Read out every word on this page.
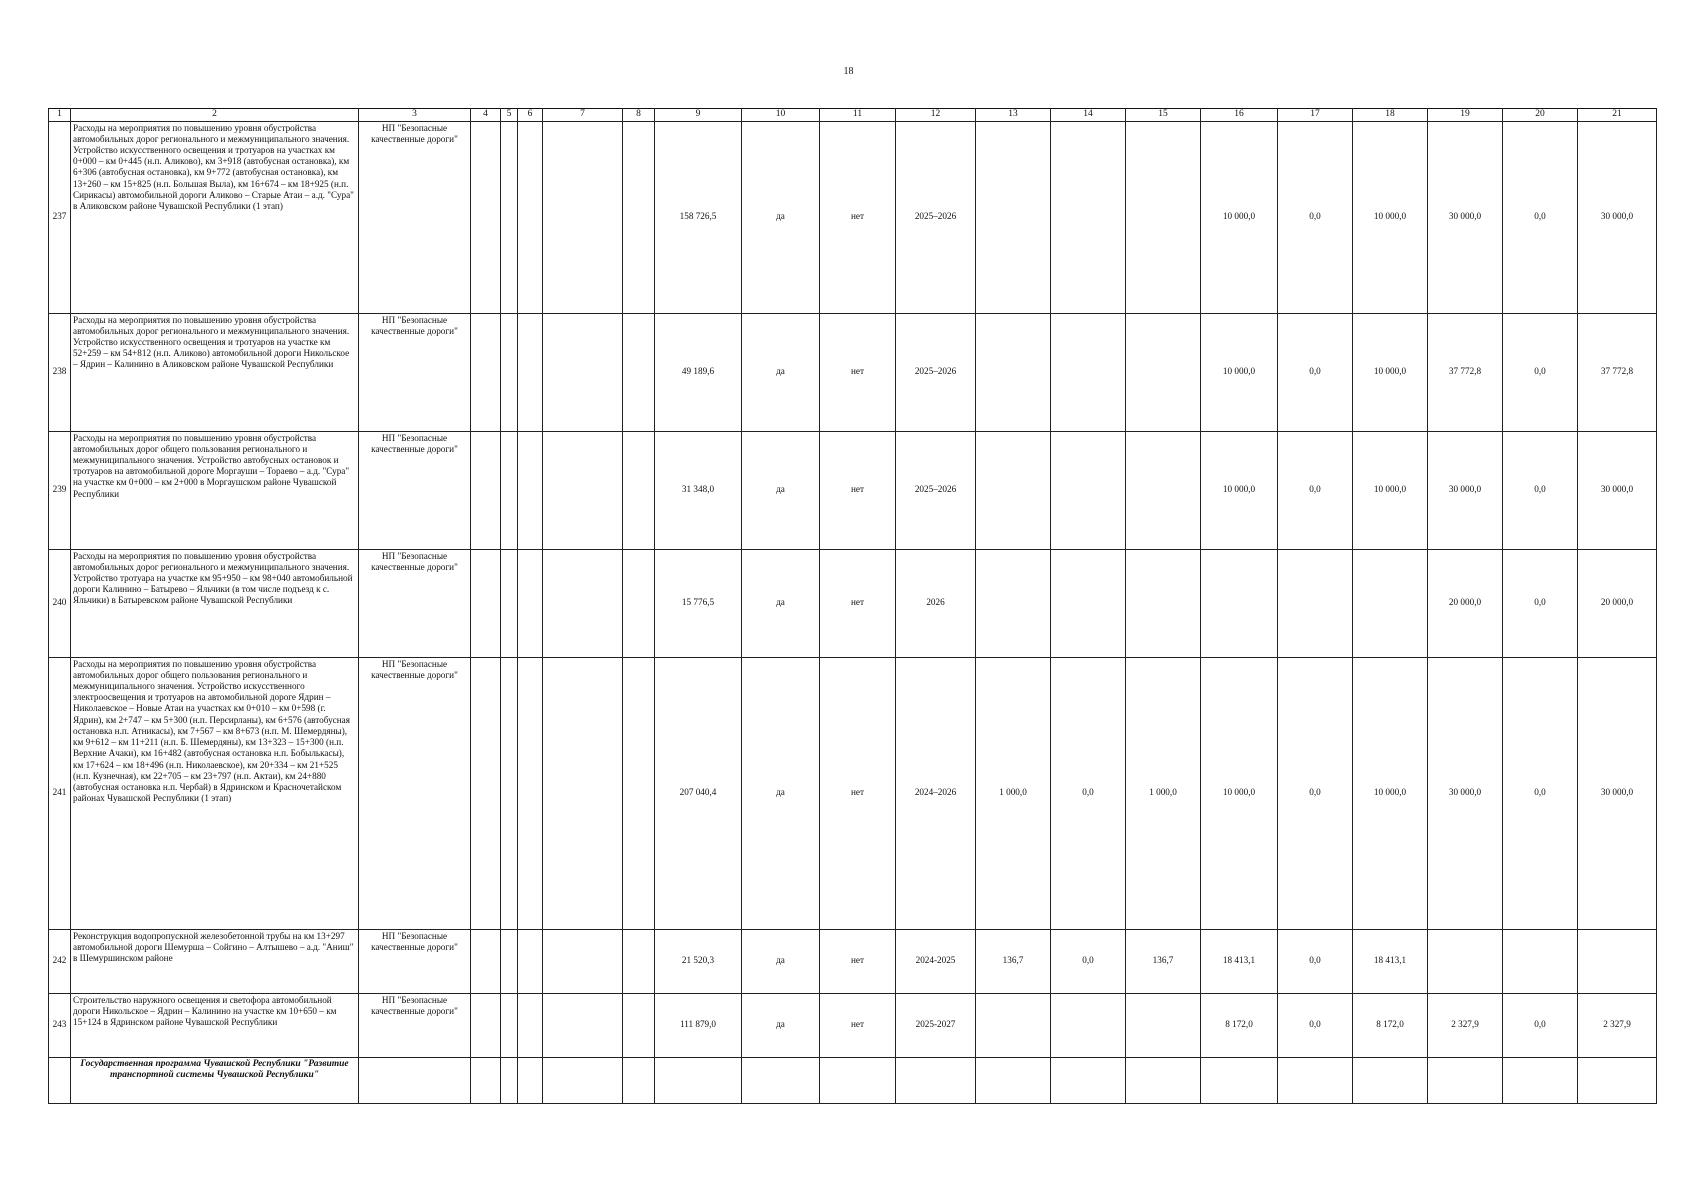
18
1	2	3	4	5	6	7	8	9	10	11	12	13	14	15	16	17	18	19	20	21
237	Расходы на мероприятия по повышению уровня обустройства автомобильных дорог регионального и межмуниципального значения. Устройство искусственного освещения и тротуаров на участках км 0+000 – км 0+445 (н.п. Аликово), км 3+918 (автобусная остановка), км 6+306 (автобусная остановка), км 9+772 (автобусная остановка), км 13+260 – км 15+825 (н.п. Большая Выла), км 16+674 – км 18+925 (н.п. Сирикасы) автомобильной дороги Аликово – Старые Атаи – а.д. "Сура" в Аликовском районе Чувашской Республики (1 этап)	НП "Безопасные качественные дороги"						158 726,5	да	нет	2025–2026				10 000,0	0,0	10 000,0	30 000,0	0,0	30 000,0
238	Расходы на мероприятия по повышению уровня обустройства автомобильных дорог регионального и межмуниципального значения. Устройство искусственного освещения и тротуаров на участке км 52+259 – км 54+812 (н.п. Аликово) автомобильной дороги Никольское – Ядрин – Калинино в Аликовском районе Чувашской Республики	НП "Безопасные качественные дороги"						49 189,6	да	нет	2025–2026				10 000,0	0,0	10 000,0	37 772,8	0,0	37 772,8
239	Расходы на мероприятия по повышению уровня обустройства автомобильных дорог общего пользования регионального и межмуниципального значения. Устройство автобусных остановок и тротуаров на автомобильной дороге Моргауши – Тораево – а.д. "Сура" на участке км 0+000 – км 2+000 в Моргаушском районе Чувашской Республики	НП "Безопасные качественные дороги"						31 348,0	да	нет	2025–2026				10 000,0	0,0	10 000,0	30 000,0	0,0	30 000,0
240	Расходы на мероприятия по повышению уровня обустройства автомобильных дорог регионального и межмуниципального значения. Устройство тротуара на участке км 95+950 – км 98+040 автомобильной дороги Калинино – Батырево – Яльчики (в том числе подъезд к с. Яльчики) в Батыревском районе Чувашской Республики	НП "Безопасные качественные дороги"						15 776,5	да	нет	2026							20 000,0	0,0	20 000,0
241	Расходы на мероприятия по повышению уровня обустройства автомобильных дорог общего пользования регионального и межмуниципального значения. Устройство искусственного электроосвещения и тротуаров на автомобильной дороге Ядрин – Николаевское – Новые Атаи на участках км 0+010 – км 0+598 (г. Ядрин), км 2+747 – км 5+300 (н.п. Персирланы), км 6+576 (автобусная остановка н.п. Атникасы), км 7+567 – км 8+673 (н.п. М. Шемердяны), км 9+612 – км 11+211 (н.п. Б. Шемердяны), км 13+323 – 15+300 (н.п. Верхние Ачаки), км 16+482 (автобусная остановка н.п. Бобылькасы), км 17+624 – км 18+496 (н.п. Николаевское), км 20+334 – км 21+525 (н.п. Кузнечная), км 22+705 – км 23+797 (н.п. Актаи), км 24+880 (автобусная остановка н.п. Чербай) в Ядринском и Красночетайском районах Чувашской Республики (1 этап)	НП "Безопасные качественные дороги"						207 040,4	да	нет	2024–2026	1 000,0	0,0	1 000,0	10 000,0	0,0	10 000,0	30 000,0	0,0	30 000,0
242	Реконструкция водопропускной железобетонной трубы на км 13+297 автомобильной дороги Шемурша – Сойгино – Алтышево – а.д. "Аниш" в Шемуршинском районе	НП "Безопасные качественные дороги"						21 520,3	да	нет	2024-2025	136,7	0,0	136,7	18 413,1	0,0	18 413,1			
243	Строительство наружного освещения и светофора автомобильной дороги Никольское – Ядрин – Калинино на участке км 10+650 – км 15+124 в Ядринском районе Чувашской Республики	НП "Безопасные качественные дороги"						111 879,0	да	нет	2025-2027				8 172,0	0,0	8 172,0	2 327,9	0,0	2 327,9
	Государственная программа Чувашской Республики "Развитие транспортной системы Чувашской Республики"																			
